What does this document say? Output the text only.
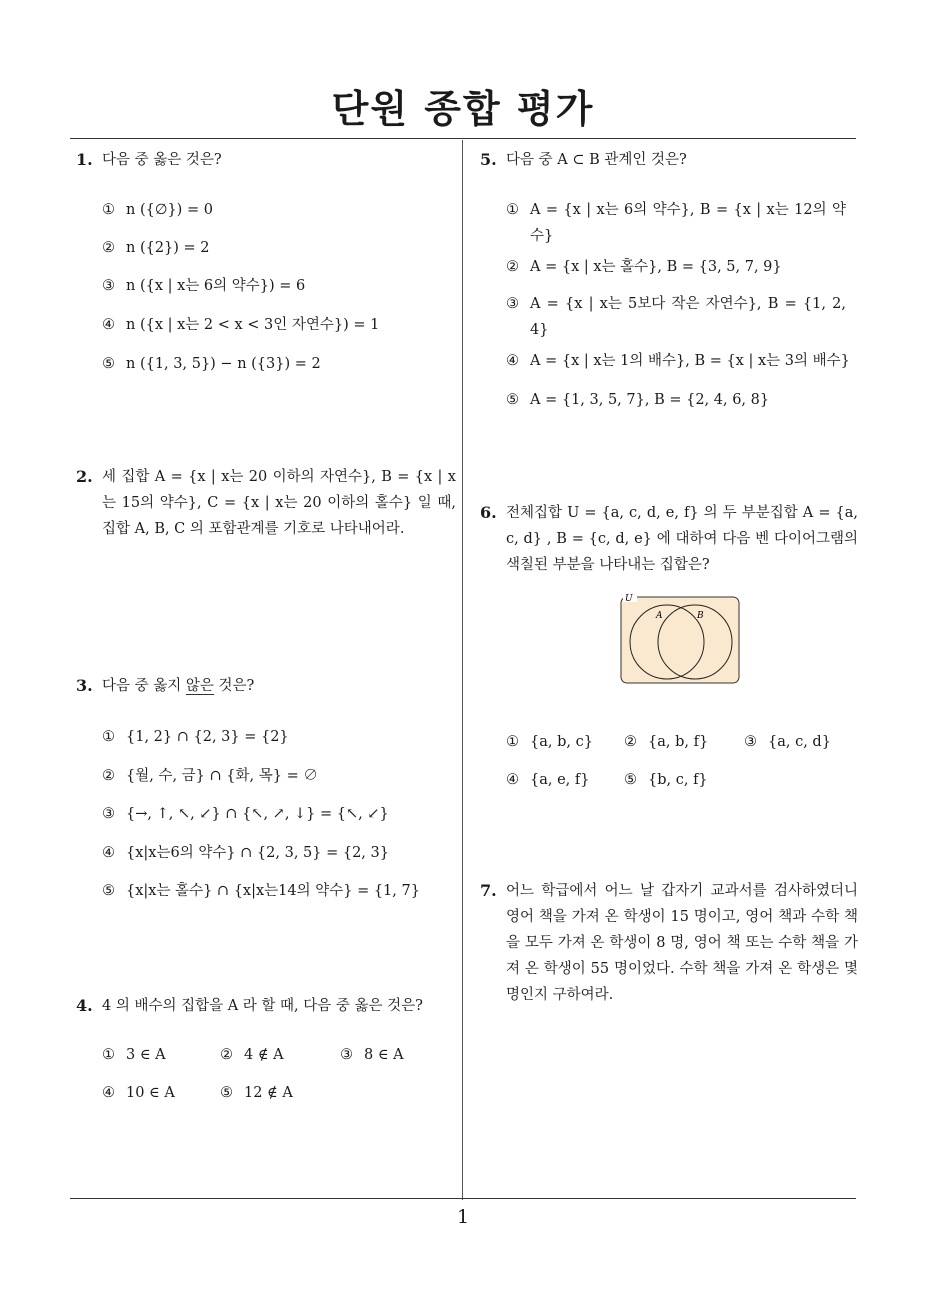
단원 종합 평가
1
1. 다음 중 옳은 것은?
① n ({∅}) = 0
② n ({2}) = 2
③ n ({x | x는 6의 약수}) = 6
④ n ({x | x는 2 < x < 3인 자연수}) = 1
⑤ n ({1, 3, 5}) − n ({3}) = 2
2. 세 집합 A = {x | x는 20 이하의 자연수}, B = {x | x는 15의 약수}, C = {x | x는 20 이하의 홀수} 일 때, 집합 A, B, C 의 포함관계를 기호로 나타내어라.
3. 다음 중 옳지 않은 것은?
① {1, 2} ∩ {2, 3} = {2}
② {월, 수, 금} ∩ {화, 목} = ∅
③ {→, ↑, ↖, ↙} ∩ {↖, ↗, ↓} = {↖, ↙}
④ {x|x는6의 약수} ∩ {2, 3, 5} = {2, 3}
⑤ {x|x는 홀수} ∩ {x|x는14의 약수} = {1, 7}
4. 4 의 배수의 집합을 A 라 할 때, 다음 중 옳은 것은?
① 3 ∈ A	② 4 ∉ A	③ 8 ∈ A
④ 10 ∈ A	⑤ 12 ∉ A
5. 다음 중 A ⊂ B 관계인 것은?
① A = {x | x는 6의 약수}, B = {x | x는 12의 약수}
② A = {x | x는 홀수}, B = {3, 5, 7, 9}
③ A = {x | x는 5보다 작은 자연수}, B = {1, 2, 4}
④ A = {x | x는 1의 배수}, B = {x | x는 3의 배수}
⑤ A = {1, 3, 5, 7}, B = {2, 4, 6, 8}
6. 전체집합 U = {a, c, d, e, f} 의 두 부분집합 A = {a, c, d} , B = {c, d, e} 에 대하여 다음 벤 다이어그램의 색칠된 부분을 나타내는 집합은?
U
A	B
① {a, b, c} ② {a, b, f} ③ {a, c, d}
④ {a, e, f} ⑤ {b, c, f}
7. 어느 학급에서 어느 날 갑자기 교과서를 검사하였더니 영어 책을 가져 온 학생이 15 명이고, 영어 책과 수학 책을 모두 가져 온 학생이 8 명, 영어 책 또는 수학 책을 가져 온 학생이 55 명이었다. 수학 책을 가져 온 학생은 몇 명인지 구하여라.
